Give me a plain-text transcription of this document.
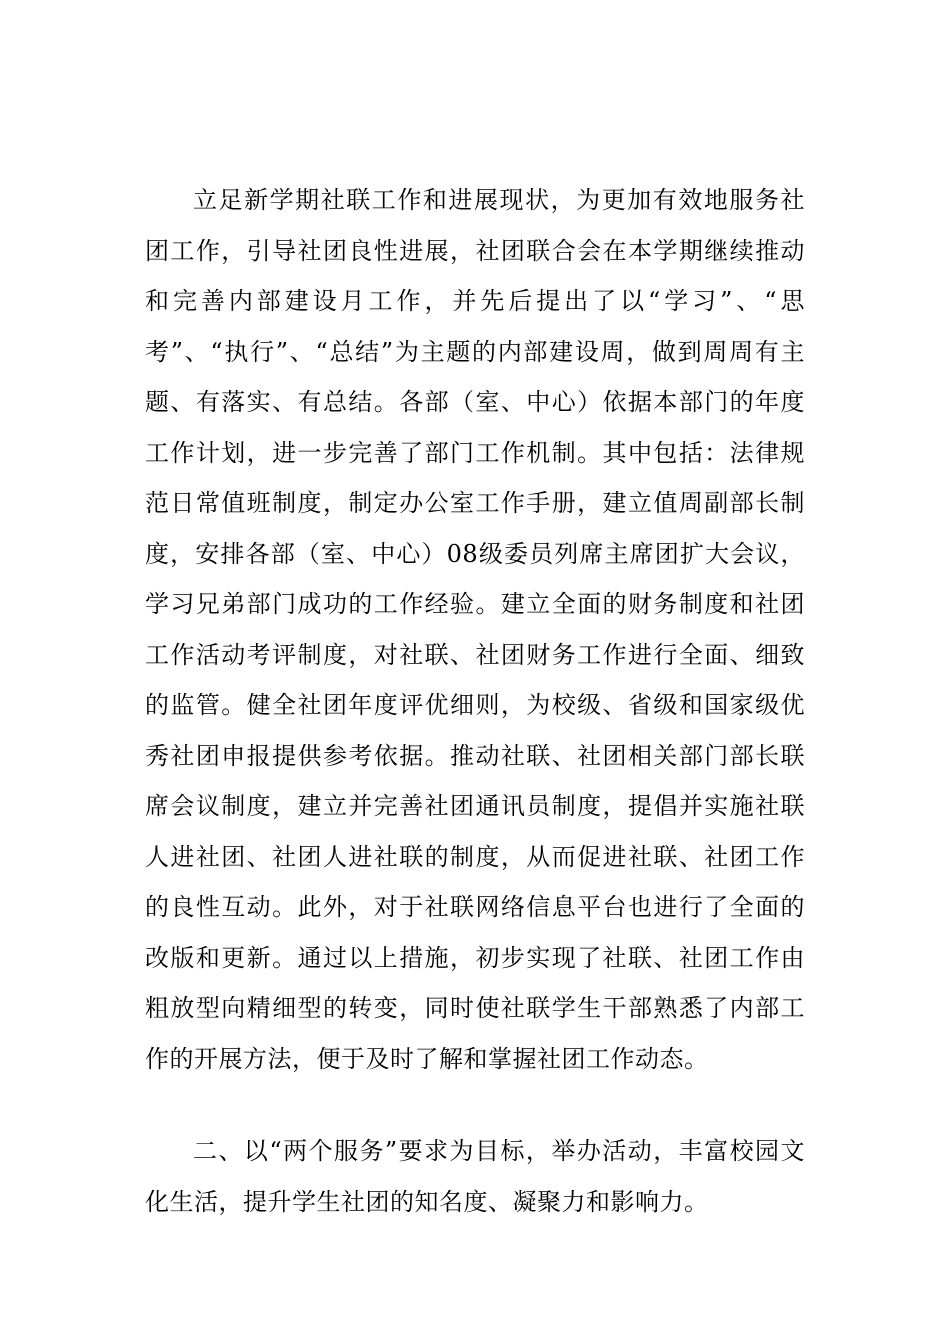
立足新学期社联工作和进展现状，为更加有效地服务社团工作，引导社团良性进展，社团联合会在本学期继续推动和完善内部建设月工作，并先后提出了以“学习”、“思考”、“执行”、“总结”为主题的内部建设周，做到周周有主题、有落实、有总结。各部（室、中心）依据本部门的年度工作计划，进一步完善了部门工作机制。其中包括：法律规范日常值班制度，制定办公室工作手册，建立值周副部长制度，安排各部（室、中心）08级委员列席主席团扩大会议，学习兄弟部门成功的工作经验。建立全面的财务制度和社团工作活动考评制度，对社联、社团财务工作进行全面、细致的监管。健全社团年度评优细则，为校级、省级和国家级优秀社团申报提供参考依据。推动社联、社团相关部门部长联席会议制度，建立并完善社团通讯员制度，提倡并实施社联人进社团、社团人进社联的制度，从而促进社联、社团工作的良性互动。此外，对于社联网络信息平台也进行了全面的改版和更新。通过以上措施，初步实现了社联、社团工作由粗放型向精细型的转变，同时使社联学生干部熟悉了内部工作的开展方法，便于及时了解和掌握社团工作动态。

二、以“两个服务”要求为目标，举办活动，丰富校园文化生活，提升学生社团的知名度、凝聚力和影响力。
